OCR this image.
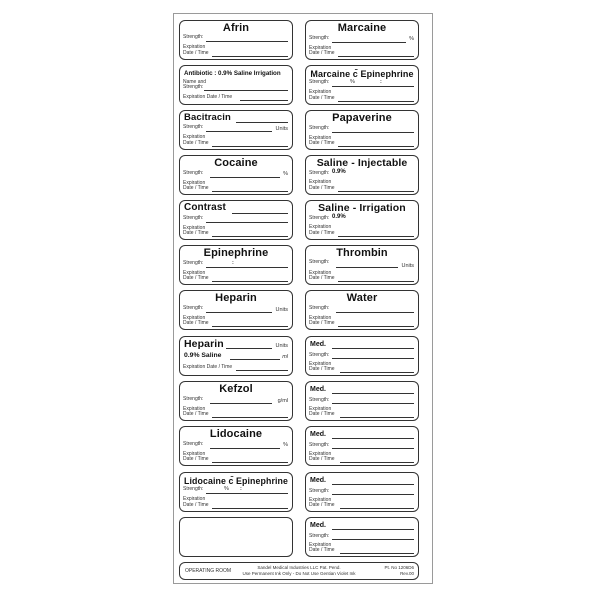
Afrin
Strength:
Expiration
Date / Time
Antibiotic : 0.9% Saline Irrigation
Name and
Strength:
Expiration Date / Time
Bacitracin
Strength:	Units
Expiration
Date / Time
Cocaine
Strength:	%
Expiration
Date / Time
Contrast
Strength:
Expiration
Date / Time
Epinephrine
Strength:	:
Expiration
Date / Time
Heparin
Strength:	Units
Expiration
Date / Time
Heparin	Units
0.9% Saline	ml
Expiration Date / Time
Kefzol
Strength:	g/ml
Expiration
Date / Time
Lidocaine
Strength:	%
Expiration
Date / Time
Lidocaine c̄ Epinephrine
Strength:	% :
Expiration
Date / Time
Marcaine
Strength:	%
Expiration
Date / Time
Marcaine c̄ Epinephrine
Strength:	%	:
Expiration
Date / Time
Papaverine
Strength:
Expiration
Date / Time
Saline - Injectable
Strength: 0.9%
Expiration
Date / Time
Saline - Irrigation
Strength: 0.9%
Expiration
Date / Time
Thrombin
Strength:
Units
Expiration
Date / Time
Water
Strength:
Expiration
Date / Time
Med.
Strength:
Expiration
Date / Time
Med.
Strength:
Expiration
Date / Time
Med.
Strength:
Expiration
Date / Time
Med.
Strength:
Expiration
Date / Time
Med.
Strength:
Expiration
Date / Time
OPERATING ROOM
Sandel Medical Industries LLC Pat. Pend.
Use Permanent Ink Only - Do Not Use Gentian Violet Ink
Pt. No 1206D6
Rev.00
